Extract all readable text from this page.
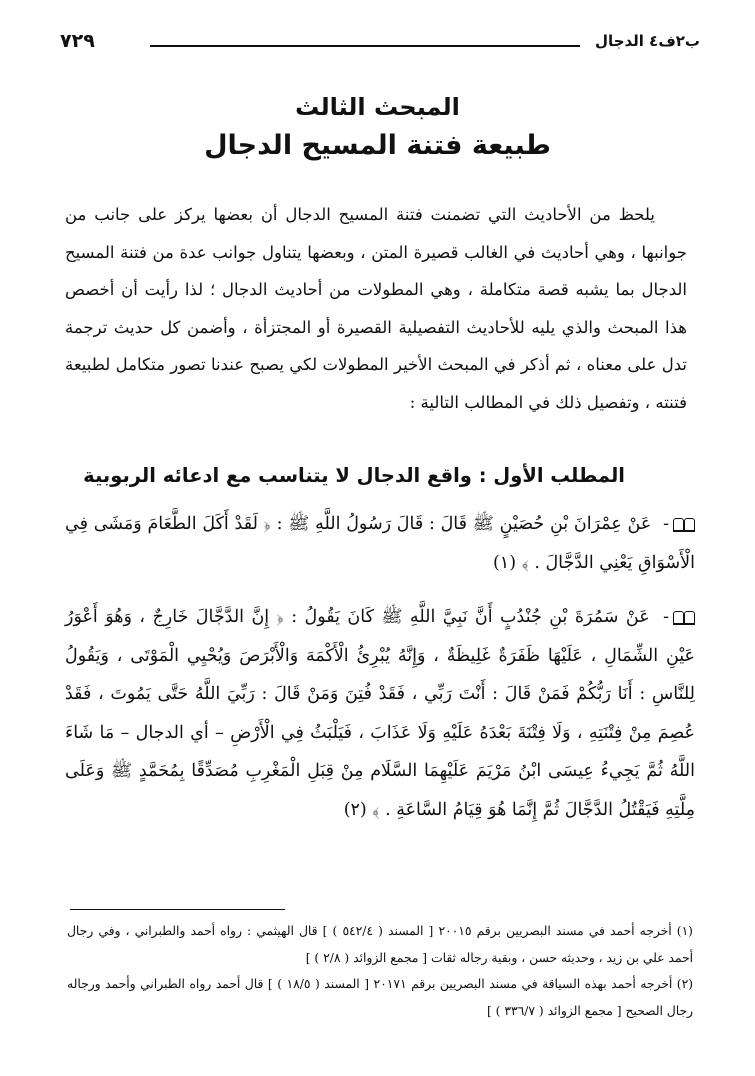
ب٢ف٤ الدجال
٧٢٩
المبحث الثالث
طبيعة فتنة المسيح الدجال

يلحظ من الأحاديث التي تضمنت فتنة المسيح الدجال أن بعضها يركز على جانب من جوانبها ، وهي أحاديث في الغالب قصيرة المتن ، وبعضها يتناول جوانب عدة من فتنة المسيح الدجال بما يشبه قصة متكاملة ، وهي المطولات من أحاديث الدجال ؛ لذا رأيت أن أخصص هذا المبحث والذي يليه للأحاديث التفصيلية القصيرة أو المجتزأة ، وأضمن كل حديث ترجمة تدل على معناه ، ثم أذكر في المبحث الأخير المطولات لكي يصبح عندنا تصور متكامل لطبيعة فتنته ، وتفصيل ذلك في المطالب التالية :

المطلب الأول : واقع الدجال لا يتناسب مع ادعائه الربوبية

- عَنْ عِمْرَانَ بْنِ حُصَيْنٍ ﷺ قَالَ : قَالَ رَسُولُ اللَّهِ ﷺ : ﴿ لَقَدْ أَكَلَ الطَّعَامَ وَمَشَى فِي الْأَسْوَاقِ يَعْنِي الدَّجَّالَ . ﴾ (١)

- عَنْ سَمُرَةَ بْنِ جُنْدُبٍ أَنَّ نَبِيَّ اللَّهِ ﷺ كَانَ يَقُولُ : ﴿ إِنَّ الدَّجَّالَ خَارِجٌ ، وَهُوَ أَعْوَرُ عَيْنِ الشِّمَالِ ، عَلَيْهَا ظَفَرَةٌ غَلِيظَةٌ ، وَإِنَّهُ يُبْرِئُ الْأَكْمَهَ وَالْأَبْرَصَ وَيُحْيِي الْمَوْتَى ، وَيَقُولُ لِلنَّاسِ : أَنَا رَبُّكُمْ فَمَنْ قَالَ : أَنْتَ رَبِّي ، فَقَدْ فُتِنَ وَمَنْ قَالَ : رَبِّيَ اللَّهُ حَتَّى يَمُوتَ ، فَقَدْ عُصِمَ مِنْ فِتْنَتِهِ ، وَلَا فِتْنَةَ بَعْدَهُ عَلَيْهِ وَلَا عَذَابَ ، فَيَلْبَثُ فِي الْأَرْضِ – أي الدجال – مَا شَاءَ اللَّهُ ثُمَّ يَجِيءُ عِيسَى ابْنُ مَرْيَمَ عَلَيْهِمَا السَّلَام مِنْ قِبَلِ الْمَغْرِبِ مُصَدِّقًا بِمُحَمَّدٍ ﷺ وَعَلَى مِلَّتِهِ فَيَقْتُلُ الدَّجَّالَ ثُمَّ إِنَّمَا هُوَ قِيَامُ السَّاعَةِ . ﴾ (٢)

(١) أخرجه أحمد في مسند البصريين برقم ٢٠٠١٥ [ المسند ( ٥٤٢/٤ ) ] قال الهيثمي : رواه أحمد والطبراني ، وفي رجال أحمد علي بن زيد ، وحديثه حسن ، وبقية رجاله ثقات [ مجمع الزوائد ( ٢/٨ ) ]

(٢) أخرجه أحمد بهذه السياقة في مسند البصريين برقم ٢٠١٧١ [ المسند ( ١٨/٥ ) ] قال أحمد رواه الطبراني وأحمد ورجاله رجال الصحيح [ مجمع الزوائد ( ٣٣٦/٧ ) ]
